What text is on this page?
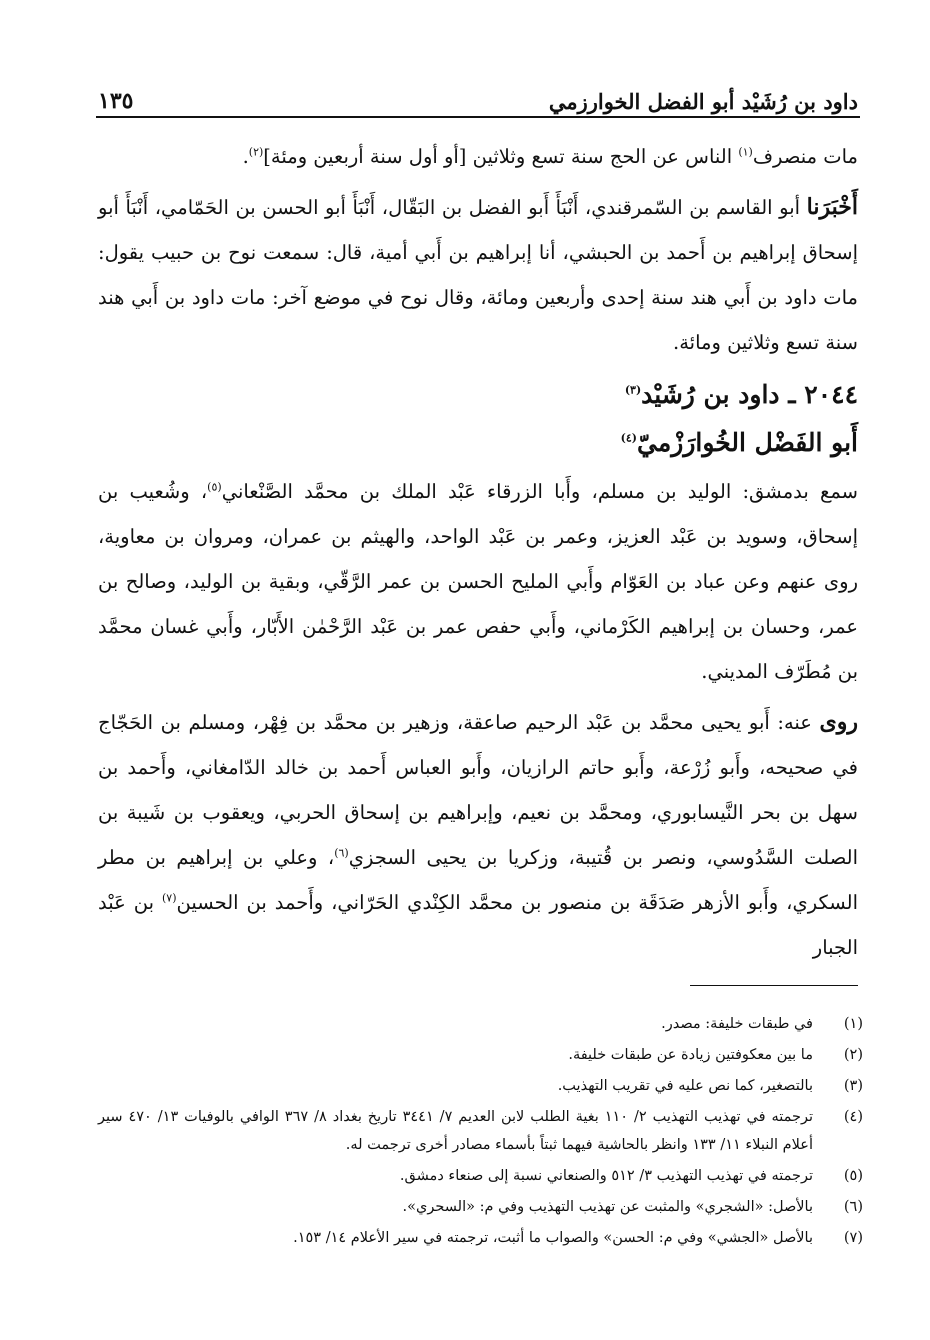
داود بن رُشَيْد أبو الفضل الخوارزمي
١٣٥

مات منصرف$^{(١)}$ الناس عن الحج سنة تسع وثلاثين [أو أول سنة أربعين ومئة]$^{(٢)}$.

أَخْبَرَنا أبو القاسم بن السّمرقندي، أَنْبَأَ أَبو الفضل بن البَقّال، أَنْبَأَ أبو الحسن بن الحَمّامي، أَنْبَأَ أبو إسحاق إبراهيم بن أَحمد بن الحبشي، أنا إبراهيم بن أَبي أمية، قال: سمعت نوح بن حبيب يقول: مات داود بن أَبي هند سنة إحدى وأربعين ومائة، وقال نوح في موضع آخر: مات داود بن أَبي هند سنة تسع وثلاثين ومائة.

٢٠٤٤ ـ داود بن رُشَيْد$^{(٣)}$
أَبو الفَضْل الخُوارَزْميّ$^{(٤)}$

سمع بدمشق: الوليد بن مسلم، وأَبا الزرقاء عَبْد الملك بن محمَّد الصَّنْعاني$^{(٥)}$، وشُعيب بن إسحاق، وسويد بن عَبْد العزيز، وعمر بن عَبْد الواحد، والهيثم بن عمران، ومروان بن معاوية، روى عنهم وعن عباد بن العَوّام وأَبي المليح الحسن بن عمر الرَّقّي، وبقية بن الوليد، وصالح بن عمر، وحسان بن إبراهيم الكَرْماني، وأَبي حفص عمر بن عَبْد الرَّحْمٰن الأَبّار، وأَبي غسان محمَّد بن مُطَرّف المديني.

روى عنه: أَبو يحيى محمَّد بن عَبْد الرحيم صاعقة، وزهير بن محمَّد بن فِهْر، ومسلم بن الحَجّاج في صحيحه، وأَبو زُرْعة، وأَبو حاتم الرازيان، وأَبو العباس أَحمد بن خالد الدّامغاني، وأَحمد بن سهل بن بحر النَّيسابوري، ومحمَّد بن نعيم، وإبراهيم بن إسحاق الحربي، ويعقوب بن شَيبة بن الصلت السَّدُوسي، ونصر بن قُتيبة، وزكريا بن يحيى السجزي$^{(٦)}$، وعلي بن إبراهيم بن مطر السكري، وأَبو الأزهر صَدَقَة بن منصور بن محمَّد الكِنْدي الحَرّاني، وأَحمد بن الحسين$^{(٧)}$ بن عَبْد الجبار

(١)
في طبقات خليفة: مصدر.
(٢)
ما بين معكوفتين زيادة عن طبقات خليفة.
(٣)
بالتصغير، كما نص عليه في تقريب التهذيب.
(٤)
ترجمته في تهذيب التهذيب ٢/ ١١٠ بغية الطلب لابن العديم ٧/ ٣٤٤١ تاريخ بغداد ٨/ ٣٦٧ الوافي بالوفيات ١٣/ ٤٧٠ سير أعلام النبلاء ١١/ ١٣٣ وانظر بالحاشية فيهما ثبتاً بأسماء مصادر أخرى ترجمت له.
(٥)
ترجمته في تهذيب التهذيب ٣/ ٥١٢ والصنعاني نسبة إلى صنعاء دمشق.
(٦)
بالأصل: «الشجري» والمثبت عن تهذيب التهذيب وفي م: «السحري».
(٧)
بالأصل «الجشي» وفي م: الحسن» والصواب ما أثبت، ترجمته في سير الأعلام ١٤/ ١٥٣.
